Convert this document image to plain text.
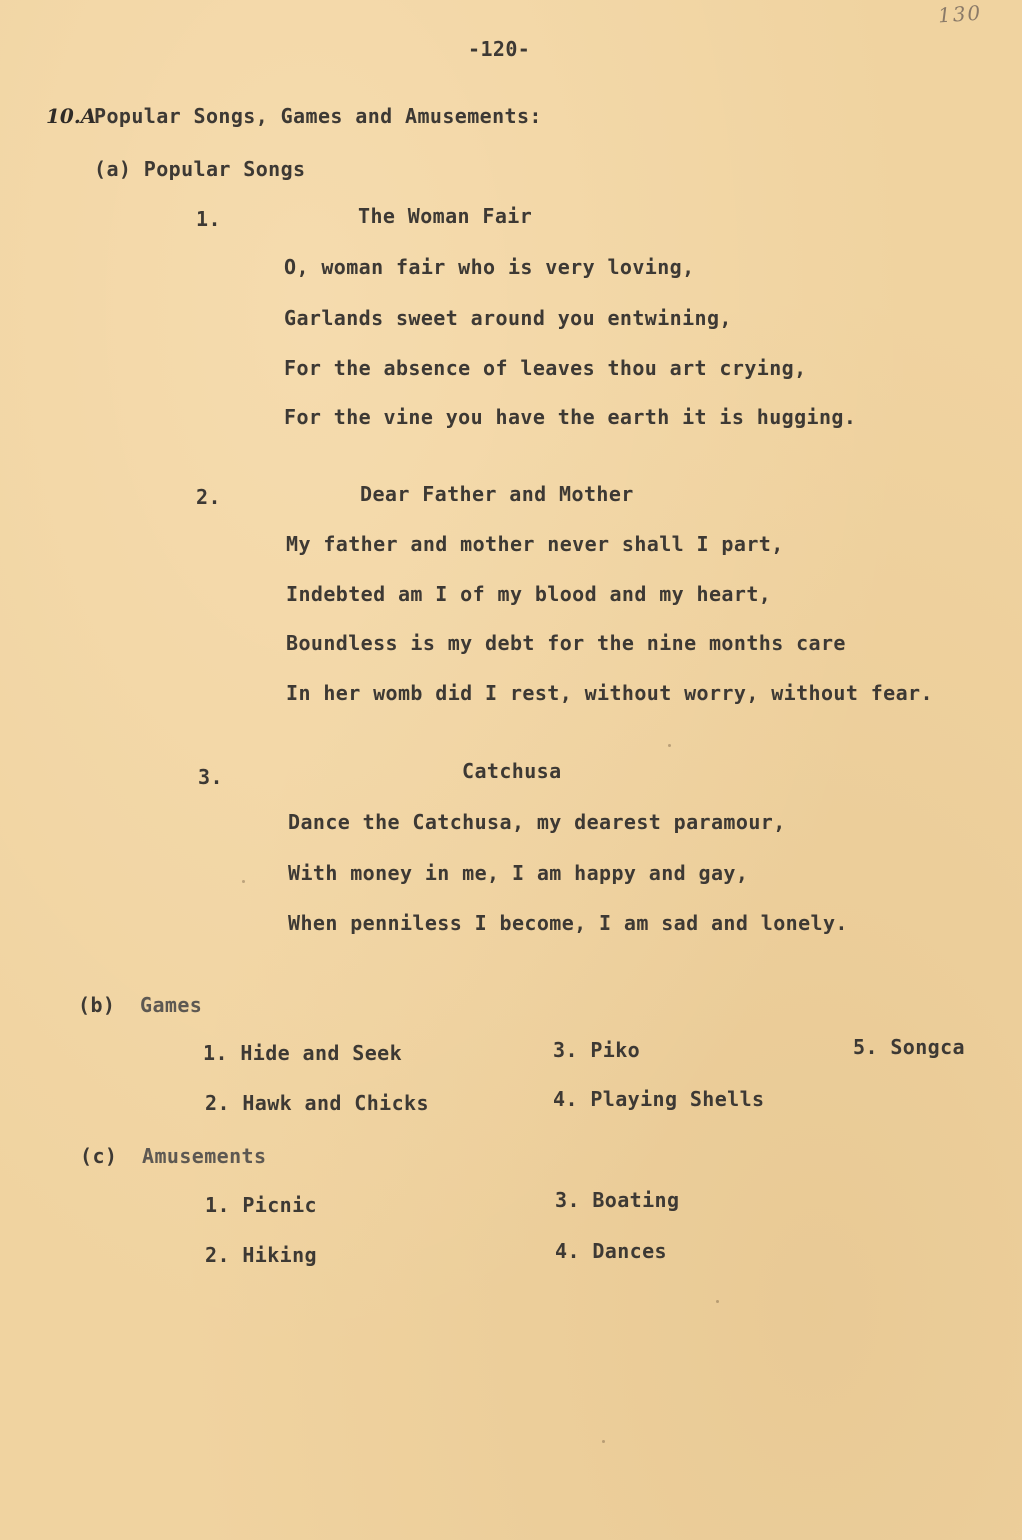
130
-120-
10.A
Popular Songs, Games and Amusements:
(a) Popular Songs
1.	The Woman Fair
O, woman fair who is very loving,
Garlands sweet around you entwining,
For the absence of leaves thou art crying,
For the vine you have the earth it is hugging.
2.	Dear Father and Mother
My father and mother never shall I part,
Indebted am I of my blood and my heart,
Boundless is my debt for the nine months care
In her womb did I rest, without worry, without fear.
3.	Catchusa
Dance the Catchusa, my dearest paramour,
With money in me, I am happy and gay,
When penniless I become, I am sad and lonely.
(b) Games
1. Hide and Seek
2. Hawk and Chicks
3. Piko
4. Playing Shells
5. Songca
(c) Amusements
1. Picnic
2. Hiking
3. Boating
4. Dances
